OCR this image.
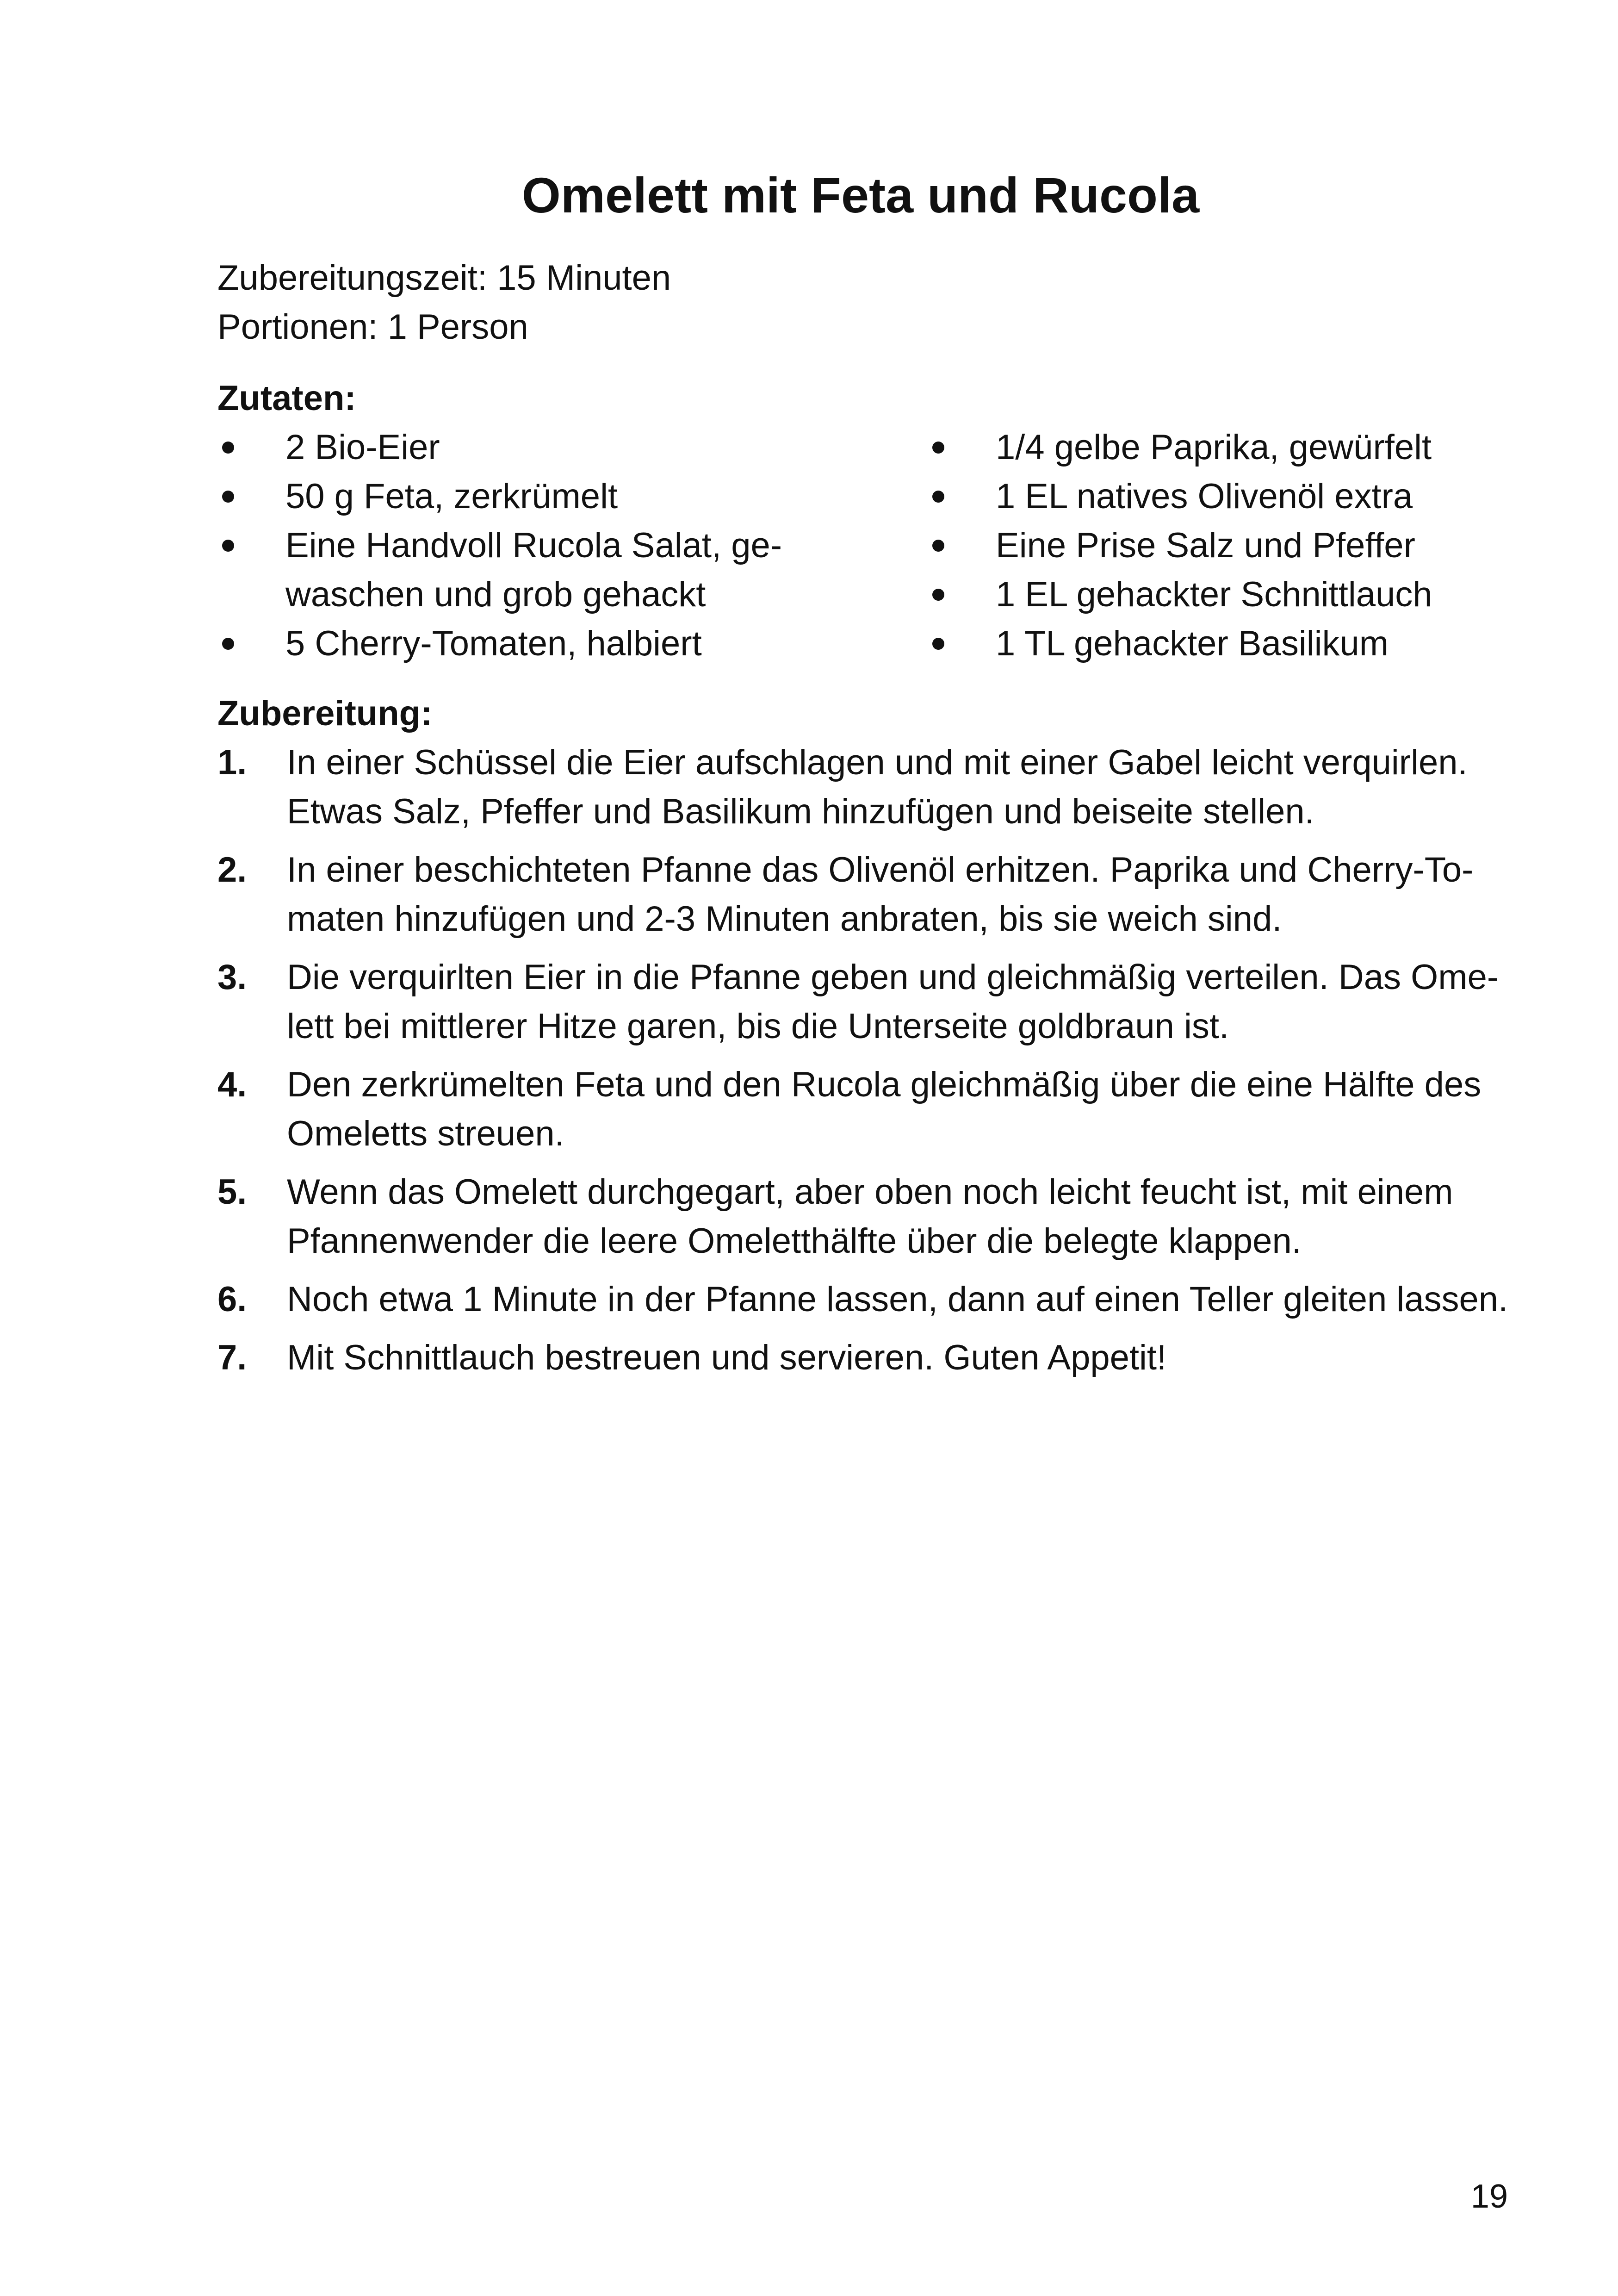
Omelett mit Feta und Rucola
Zubereitungszeit: 15 Minuten
Portionen: 1 Person
Zutaten:
2 Bio-Eier
50 g Feta, zerkrümelt
Eine Handvoll Rucola Salat, ge-
waschen und grob gehackt
5 Cherry-Tomaten, halbiert
1/4 gelbe Paprika, gewürfelt
1 EL natives Olivenöl extra
Eine Prise Salz und Pfeffer
1 EL gehackter Schnittlauch
1 TL gehackter Basilikum
Zubereitung:
1. In einer Schüssel die Eier aufschlagen und mit einer Gabel leicht verquirlen.
Etwas Salz, Pfeffer und Basilikum hinzufügen und beiseite stellen.
2. In einer beschichteten Pfanne das Olivenöl erhitzen. Paprika und Cherry-To-
maten hinzufügen und 2-3 Minuten anbraten, bis sie weich sind.
3. Die verquirlten Eier in die Pfanne geben und gleichmäßig verteilen. Das Ome-
lett bei mittlerer Hitze garen, bis die Unterseite goldbraun ist.
4. Den zerkrümelten Feta und den Rucola gleichmäßig über die eine Hälfte des
Omeletts streuen.
5. Wenn das Omelett durchgegart, aber oben noch leicht feucht ist, mit einem
Pfannenwender die leere Omeletthälfte über die belegte klappen.
6. Noch etwa 1 Minute in der Pfanne lassen, dann auf einen Teller gleiten lassen.
7. Mit Schnittlauch bestreuen und servieren. Guten Appetit!
19
